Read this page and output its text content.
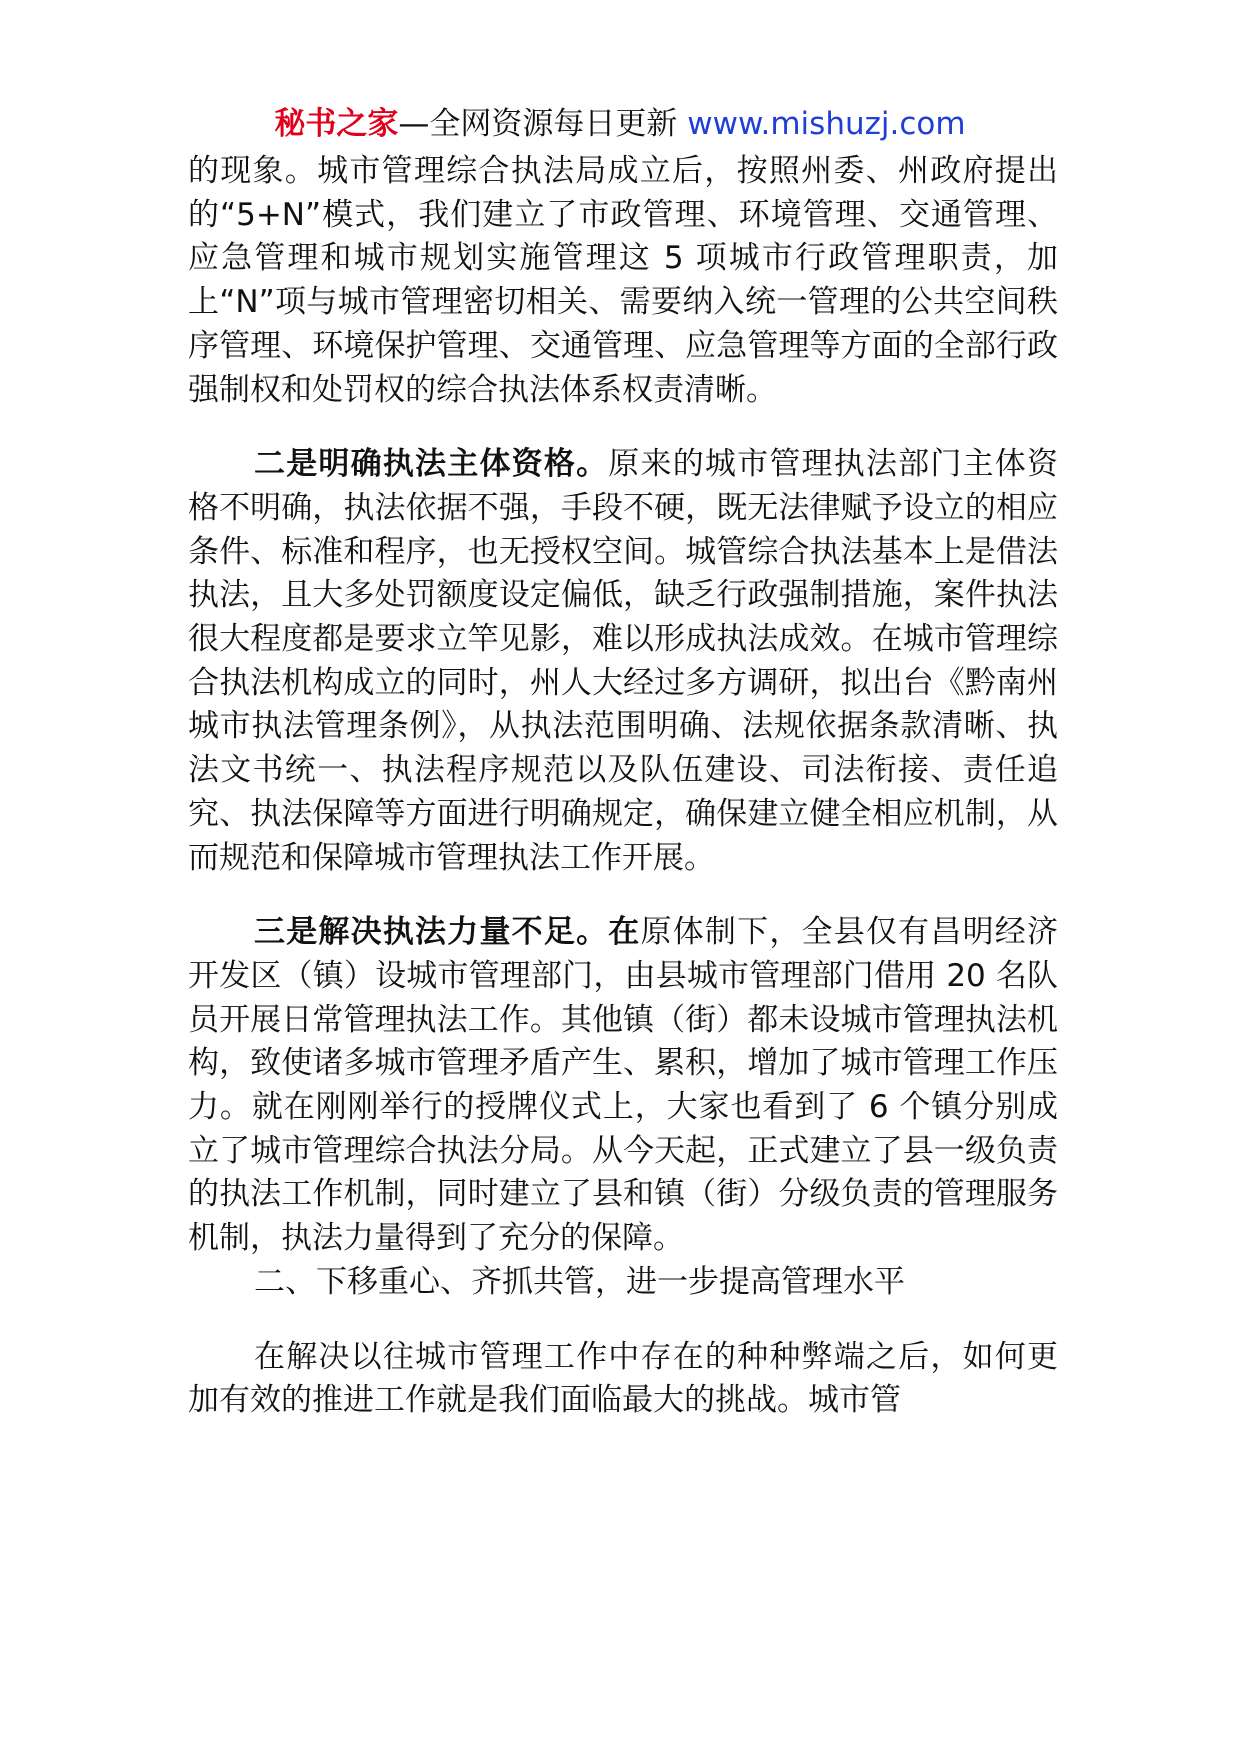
秘书之家—全网资源每日更新 www.mishuzj.com

的现象。城市管理综合执法局成立后，按照州委、州政府提出的“5+N”模式，我们建立了市政管理、环境管理、交通管理、应急管理和城市规划实施管理这 5 项城市行政管理职责，加上“N”项与城市管理密切相关、需要纳入统一管理的公共空间秩序管理、环境保护管理、交通管理、应急管理等方面的全部行政强制权和处罚权的综合执法体系权责清晰。

二是明确执法主体资格。原来的城市管理执法部门主体资格不明确，执法依据不强，手段不硬，既无法律赋予设立的相应条件、标准和程序，也无授权空间。城管综合执法基本上是借法执法，且大多处罚额度设定偏低，缺乏行政强制措施，案件执法很大程度都是要求立竿见影，难以形成执法成效。在城市管理综合执法机构成立的同时，州人大经过多方调研，拟出台《黔南州城市执法管理条例》，从执法范围明确、法规依据条款清晰、执法文书统一、执法程序规范以及队伍建设、司法衔接、责任追究、执法保障等方面进行明确规定，确保建立健全相应机制，从而规范和保障城市管理执法工作开展。

三是解决执法力量不足。在原体制下，全县仅有昌明经济开发区（镇）设城市管理部门，由县城市管理部门借用 20 名队员开展日常管理执法工作。其他镇（街）都未设城市管理执法机构，致使诸多城市管理矛盾产生、累积，增加了城市管理工作压力。就在刚刚举行的授牌仪式上，大家也看到了 6 个镇分别成立了城市管理综合执法分局。从今天起，正式建立了县一级负责的执法工作机制，同时建立了县和镇（街）分级负责的管理服务机制，执法力量得到了充分的保障。

二、下移重心、齐抓共管，进一步提高管理水平

在解决以往城市管理工作中存在的种种弊端之后，如何更加有效的推进工作就是我们面临最大的挑战。城市管
